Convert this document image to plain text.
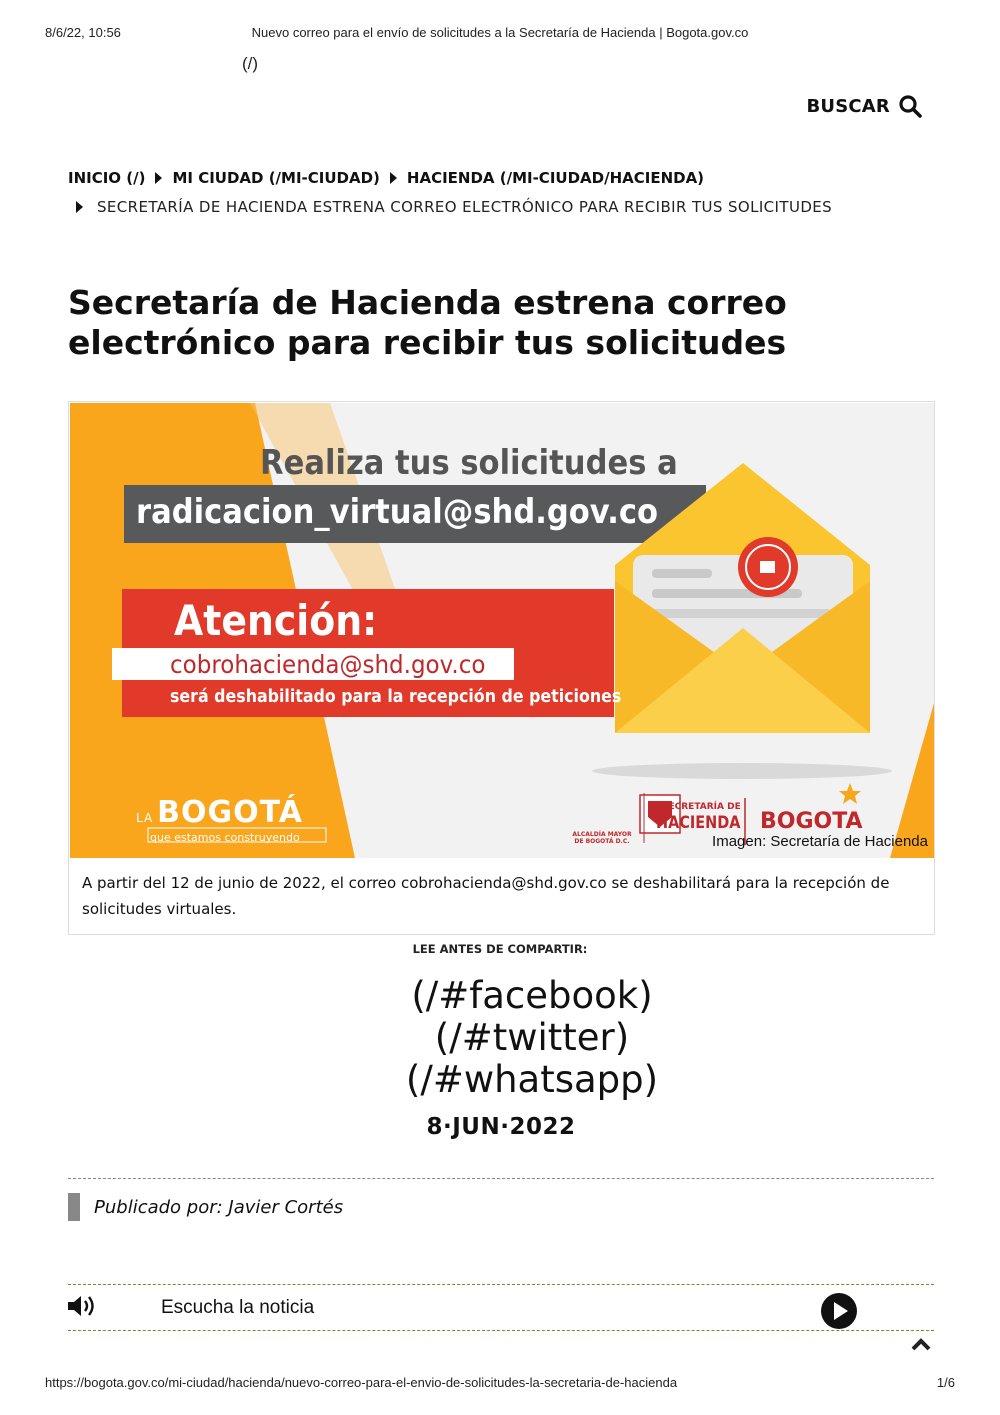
8/6/22, 10:56	Nuevo correo para el envío de solicitudes a la Secretaría de Hacienda | Bogota.gov.co
(/)
BUSCAR
INICIO (/) MI CIUDAD (/MI-CIUDAD) HACIENDA (/MI-CIUDAD/HACIENDA)
SECRETARÍA DE HACIENDA ESTRENA CORREO ELECTRÓNICO PARA RECIBIR TUS SOLICITUDES
Secretaría de Hacienda estrena correo electrónico para recibir tus solicitudes
Realiza tus solicitudes a
radicacion_virtual@shd.gov.co
Atención:
cobrohacienda@shd.gov.co
será deshabilitado para la recepción de peticiones
LA BOGOTÁ
que estamos construyendo	ALCALDÍA MAYOR DE BOGOTÁ D.C.
SECRETARÍA DE
HACIENDA BOGOTA
Imagen: Secretaría de Hacienda
A partir del 12 de junio de 2022, el correo cobrohacienda@shd.gov.co se deshabilitará para la recepción de solicitudes virtuales.
LEE ANTES DE COMPARTIR:
(/#facebook)
(/#twitter)
(/#whatsapp)
8·JUN·2022
Publicado por: Javier Cortés
Escucha la noticia
https://bogota.gov.co/mi-ciudad/hacienda/nuevo-correo-para-el-envio-de-solicitudes-la-secretaria-de-hacienda	1/6
